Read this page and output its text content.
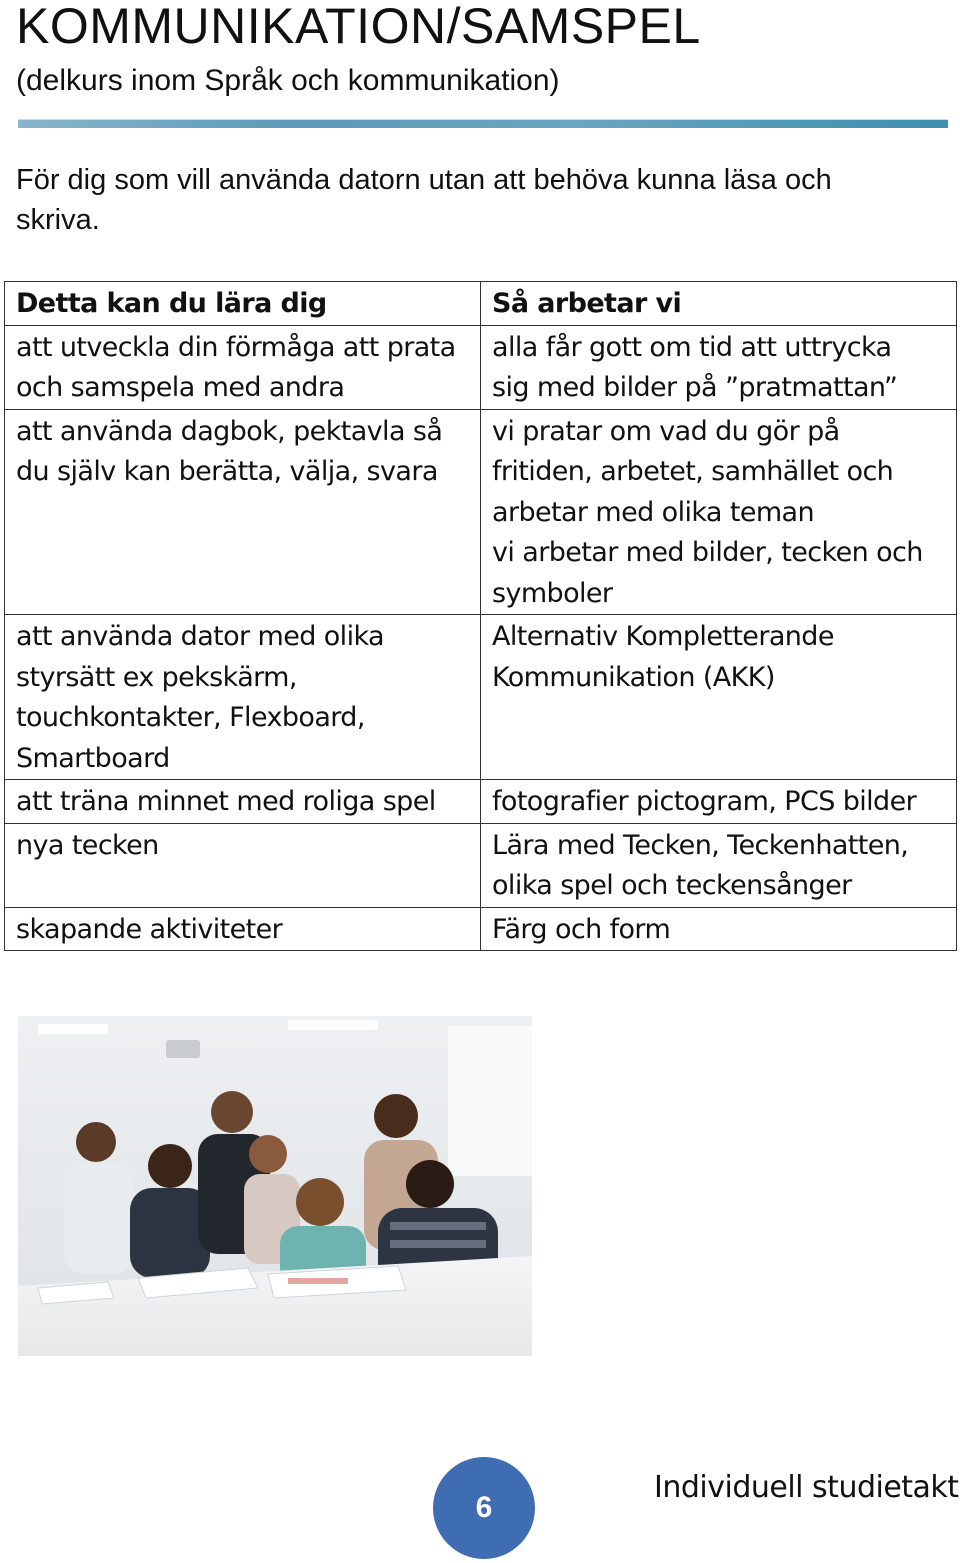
KOMMUNIKATION/SAMSPEL
(delkurs inom Språk och kommunikation)
För dig som vill använda datorn utan att behöva kunna läsa och
skriva.
Detta kan du lära dig	Så arbetar vi

att utveckla din förmåga att prata
och samspela med andra	alla får gott om tid att uttrycka
sig med bilder på ”pratmattan”

att använda dagbok, pektavla så
du själv kan berätta, välja, svara	vi pratar om vad du gör på
fritiden, arbetet, samhället och
arbetar med olika teman
vi arbetar med bilder, tecken och
symboler

att använda dator med olika
styrsätt ex pekskärm,
touchkontakter, Flexboard,
Smartboard	Alternativ Kompletterande
Kommunikation (AKK)

att träna minnet med roliga spel	fotografier pictogram, PCS bilder

nya tecken	Lära med Tecken, Teckenhatten,
olika spel och teckensånger

skapande aktiviteter	Färg och form
6
Individuell studietakt
